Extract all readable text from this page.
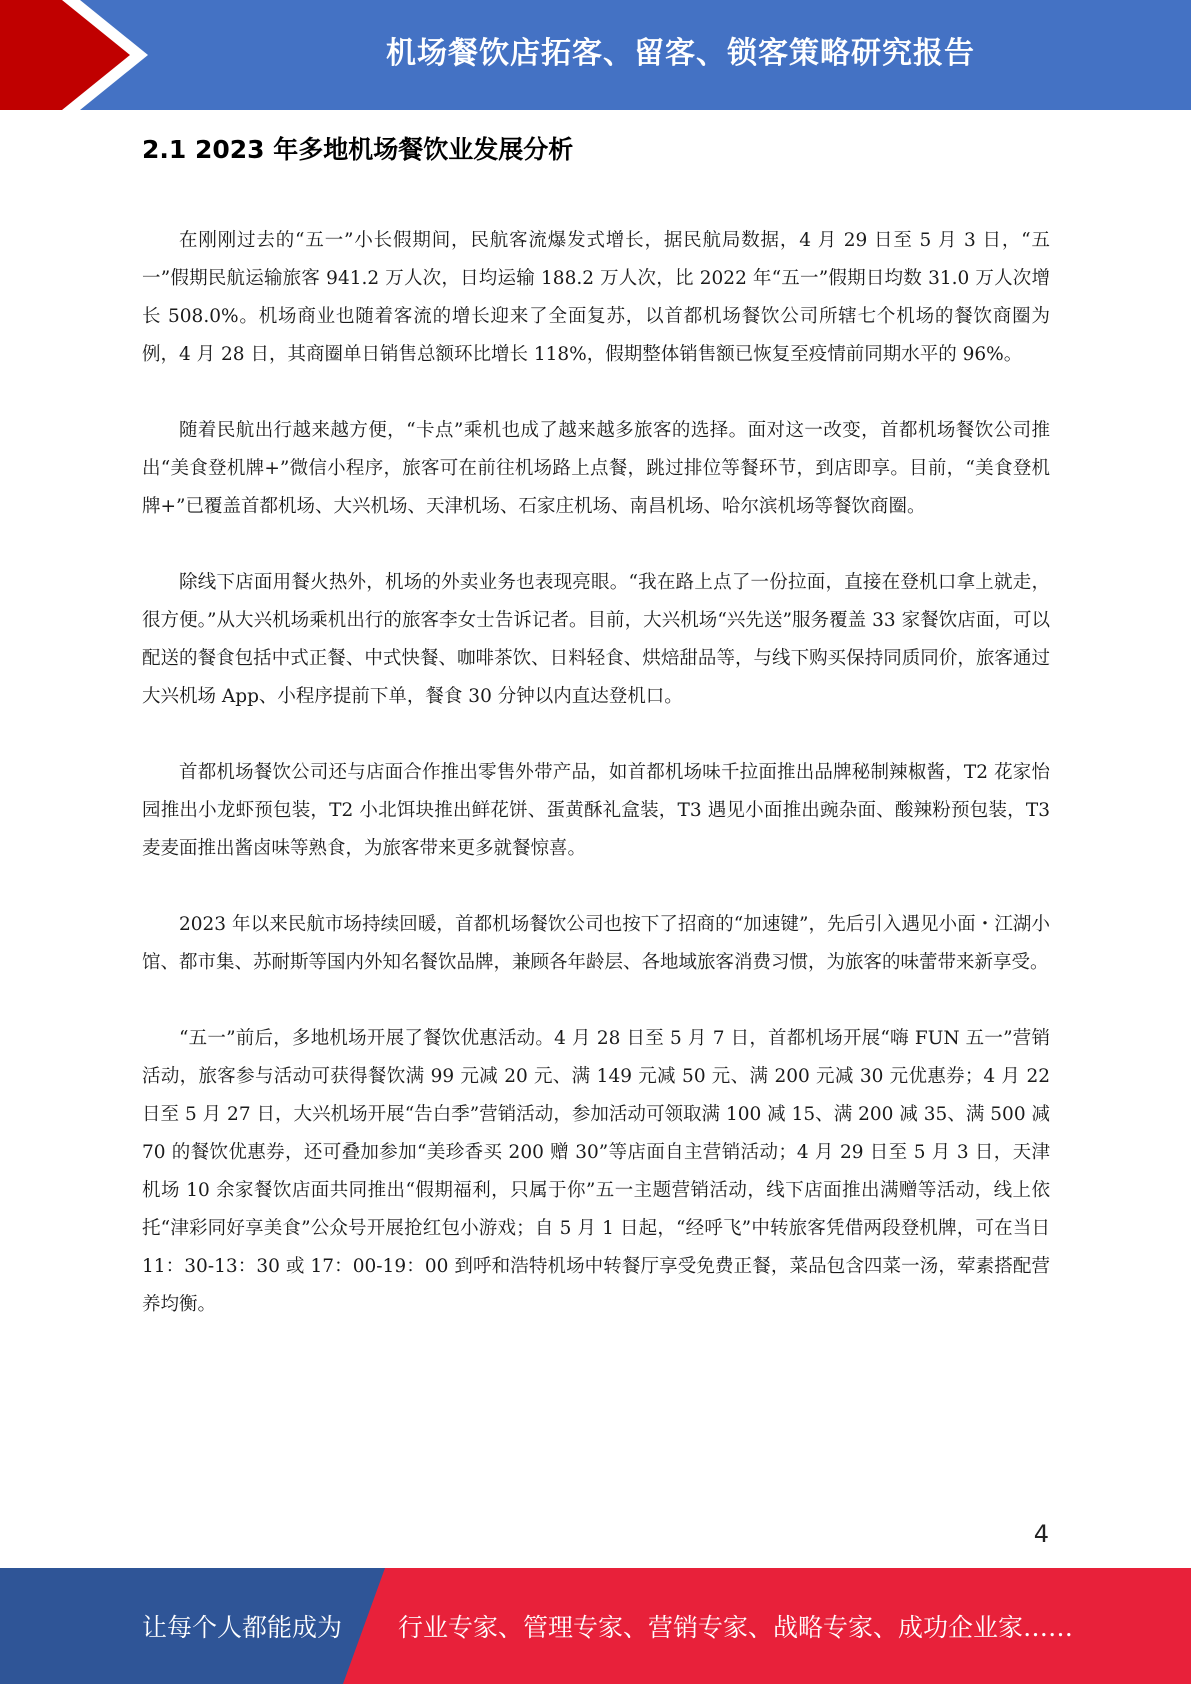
机场餐饮店拓客、留客、锁客策略研究报告
2.1 2023 年多地机场餐饮业发展分析

在刚刚过去的“五一”小长假期间，民航客流爆发式增长，据民航局数据，4 月 29 日至 5 月 3 日，“五一”假期民航运输旅客 941.2 万人次，日均运输 188.2 万人次，比 2022 年“五一”假期日均数 31.0 万人次增长 508.0%。机场商业也随着客流的增长迎来了全面复苏，以首都机场餐饮公司所辖七个机场的餐饮商圈为例，4 月 28 日，其商圈单日销售总额环比增长 118%，假期整体销售额已恢复至疫情前同期水平的 96%。

随着民航出行越来越方便，“卡点”乘机也成了越来越多旅客的选择。面对这一改变，首都机场餐饮公司推出“美食登机牌+”微信小程序，旅客可在前往机场路上点餐，跳过排位等餐环节，到店即享。目前，“美食登机牌+”已覆盖首都机场、大兴机场、天津机场、石家庄机场、南昌机场、哈尔滨机场等餐饮商圈。

除线下店面用餐火热外，机场的外卖业务也表现亮眼。“我在路上点了一份拉面，直接在登机口拿上就走，很方便。”从大兴机场乘机出行的旅客李女士告诉记者。目前，大兴机场“兴先送”服务覆盖 33 家餐饮店面，可以配送的餐食包括中式正餐、中式快餐、咖啡茶饮、日料轻食、烘焙甜品等，与线下购买保持同质同价，旅客通过大兴机场 App、小程序提前下单，餐食 30 分钟以内直达登机口。

首都机场餐饮公司还与店面合作推出零售外带产品，如首都机场味千拉面推出品牌秘制辣椒酱，T2 花家怡园推出小龙虾预包装，T2 小北饵块推出鲜花饼、蛋黄酥礼盒装，T3 遇见小面推出豌杂面、酸辣粉预包装，T3 麦麦面推出酱卤味等熟食，为旅客带来更多就餐惊喜。

2023 年以来民航市场持续回暖，首都机场餐饮公司也按下了招商的“加速键”，先后引入遇见小面・江湖小馆、都市集、苏耐斯等国内外知名餐饮品牌，兼顾各年龄层、各地域旅客消费习惯，为旅客的味蕾带来新享受。

“五一”前后，多地机场开展了餐饮优惠活动。4 月 28 日至 5 月 7 日，首都机场开展“嗨 FUN 五一”营销活动，旅客参与活动可获得餐饮满 99 元减 20 元、满 149 元减 50 元、满 200 元减 30 元优惠券；4 月 22 日至 5 月 27 日，大兴机场开展“告白季”营销活动，参加活动可领取满 100 减 15、满 200 减 35、满 500 减 70 的餐饮优惠券，还可叠加参加“美珍香买 200 赠 30”等店面自主营销活动；4 月 29 日至 5 月 3 日，天津机场 10 余家餐饮店面共同推出“假期福利，只属于你”五一主题营销活动，线下店面推出满赠等活动，线上依托“津彩同好享美食”公众号开展抢红包小游戏；自 5 月 1 日起，“经呼飞”中转旅客凭借两段登机牌，可在当日 11：30-13：30 或 17：00-19：00 到呼和浩特机场中转餐厅享受免费正餐，菜品包含四菜一汤，荤素搭配营养均衡。

4
让每个人都能成为 行业专家、管理专家、营销专家、战略专家、成功企业家……
